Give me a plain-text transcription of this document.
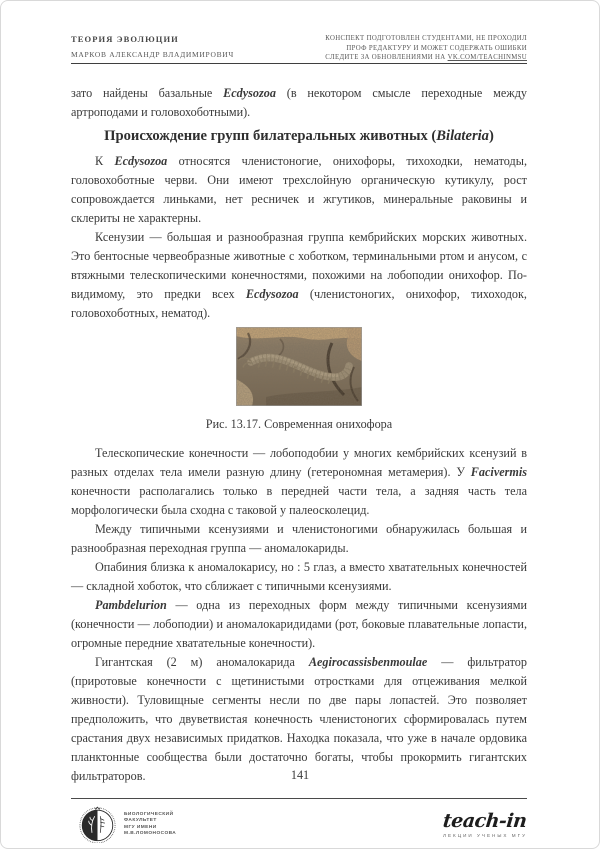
ТЕОРИЯ ЭВОЛЮЦИИ
МАРКОВ АЛЕКСАНДР ВЛАДИМИРОВИЧ
КОНСПЕКТ ПОДГОТОВЛЕН СТУДЕНТАМИ, НЕ ПРОХОДИЛ
ПРОФ РЕДАКТУРУ И МОЖЕТ СОДЕРЖАТЬ ОШИБКИ
СЛЕДИТЕ ЗА ОБНОВЛЕНИЯМИ НА VK.COM/TEACHINMSU

зато найдены базальные Ecdysozoa (в некотором смысле переходные между артроподами и головохоботными).

Происхождение групп билатеральных животных (Bilateria)

К Ecdysozoa относятся членистоногие, онихофоры, тихоходки, нематоды, головохоботные черви. Они имеют трехслойную органическую кутикулу, рост сопровождается линьками, нет ресничек и жгутиков, минеральные раковины и склериты не характерны.

Ксенузии — большая и разнообразная группа кембрийских морских животных. Это бентосные червеобразные животные с хоботком, терминальными ртом и анусом, с втяжными телескопическими конечностями, похожими на лобоподии онихофор. По-видимому, это предки всех Ecdysozoa (членистоногих, онихофор, тихоходок, головохоботных, нематод).

Рис. 13.17. Современная онихофора

Телескопические конечности — лобоподобии у многих кембрийских ксенузий в разных отделах тела имели разную длину (гетерономная метамерия). У Facivermis конечности располагались только в передней части тела, а задняя часть тела морфологически была сходна с таковой у палеосколецид.

Между типичными ксенузиями и членистоногими обнаружилась большая и разнообразная переходная группа — аномалокариды.

Опабиния близка к аномалокарису, но : 5 глаз, а вместо хватательных конечностей — складной хоботок, что сближает с типичными ксенузиями.

Pambdelurion — одна из переходных форм между типичными ксенузиями (конечности — лобоподии) и аномалокаридидами (рот, боковые плавательные лопасти, огромные передние хватательные конечности).

Гигантская (2 м) аномалокарида Aegirocassisbenmoulae — фильтратор (приротовые конечности с щетинистыми отростками для отцеживания мелкой живности). Туловищные сегменты несли по две пары лопастей. Это позволяет предположить, что двуветвистая конечность членистоногих сформировалась путем срастания двух независимых придатков. Находка показала, что уже в начале ордовика планктонные сообщества были достаточно богаты, чтобы прокормить гигантских фильтраторов.	141
БИОЛОГИЧЕСКИЙ
ФАКУЛЬТЕТ
МГУ ИМЕНИ
М.В.ЛОМОНОСОВА
teach-in
ЛЕКЦИИ УЧЕНЫХ МГУ
